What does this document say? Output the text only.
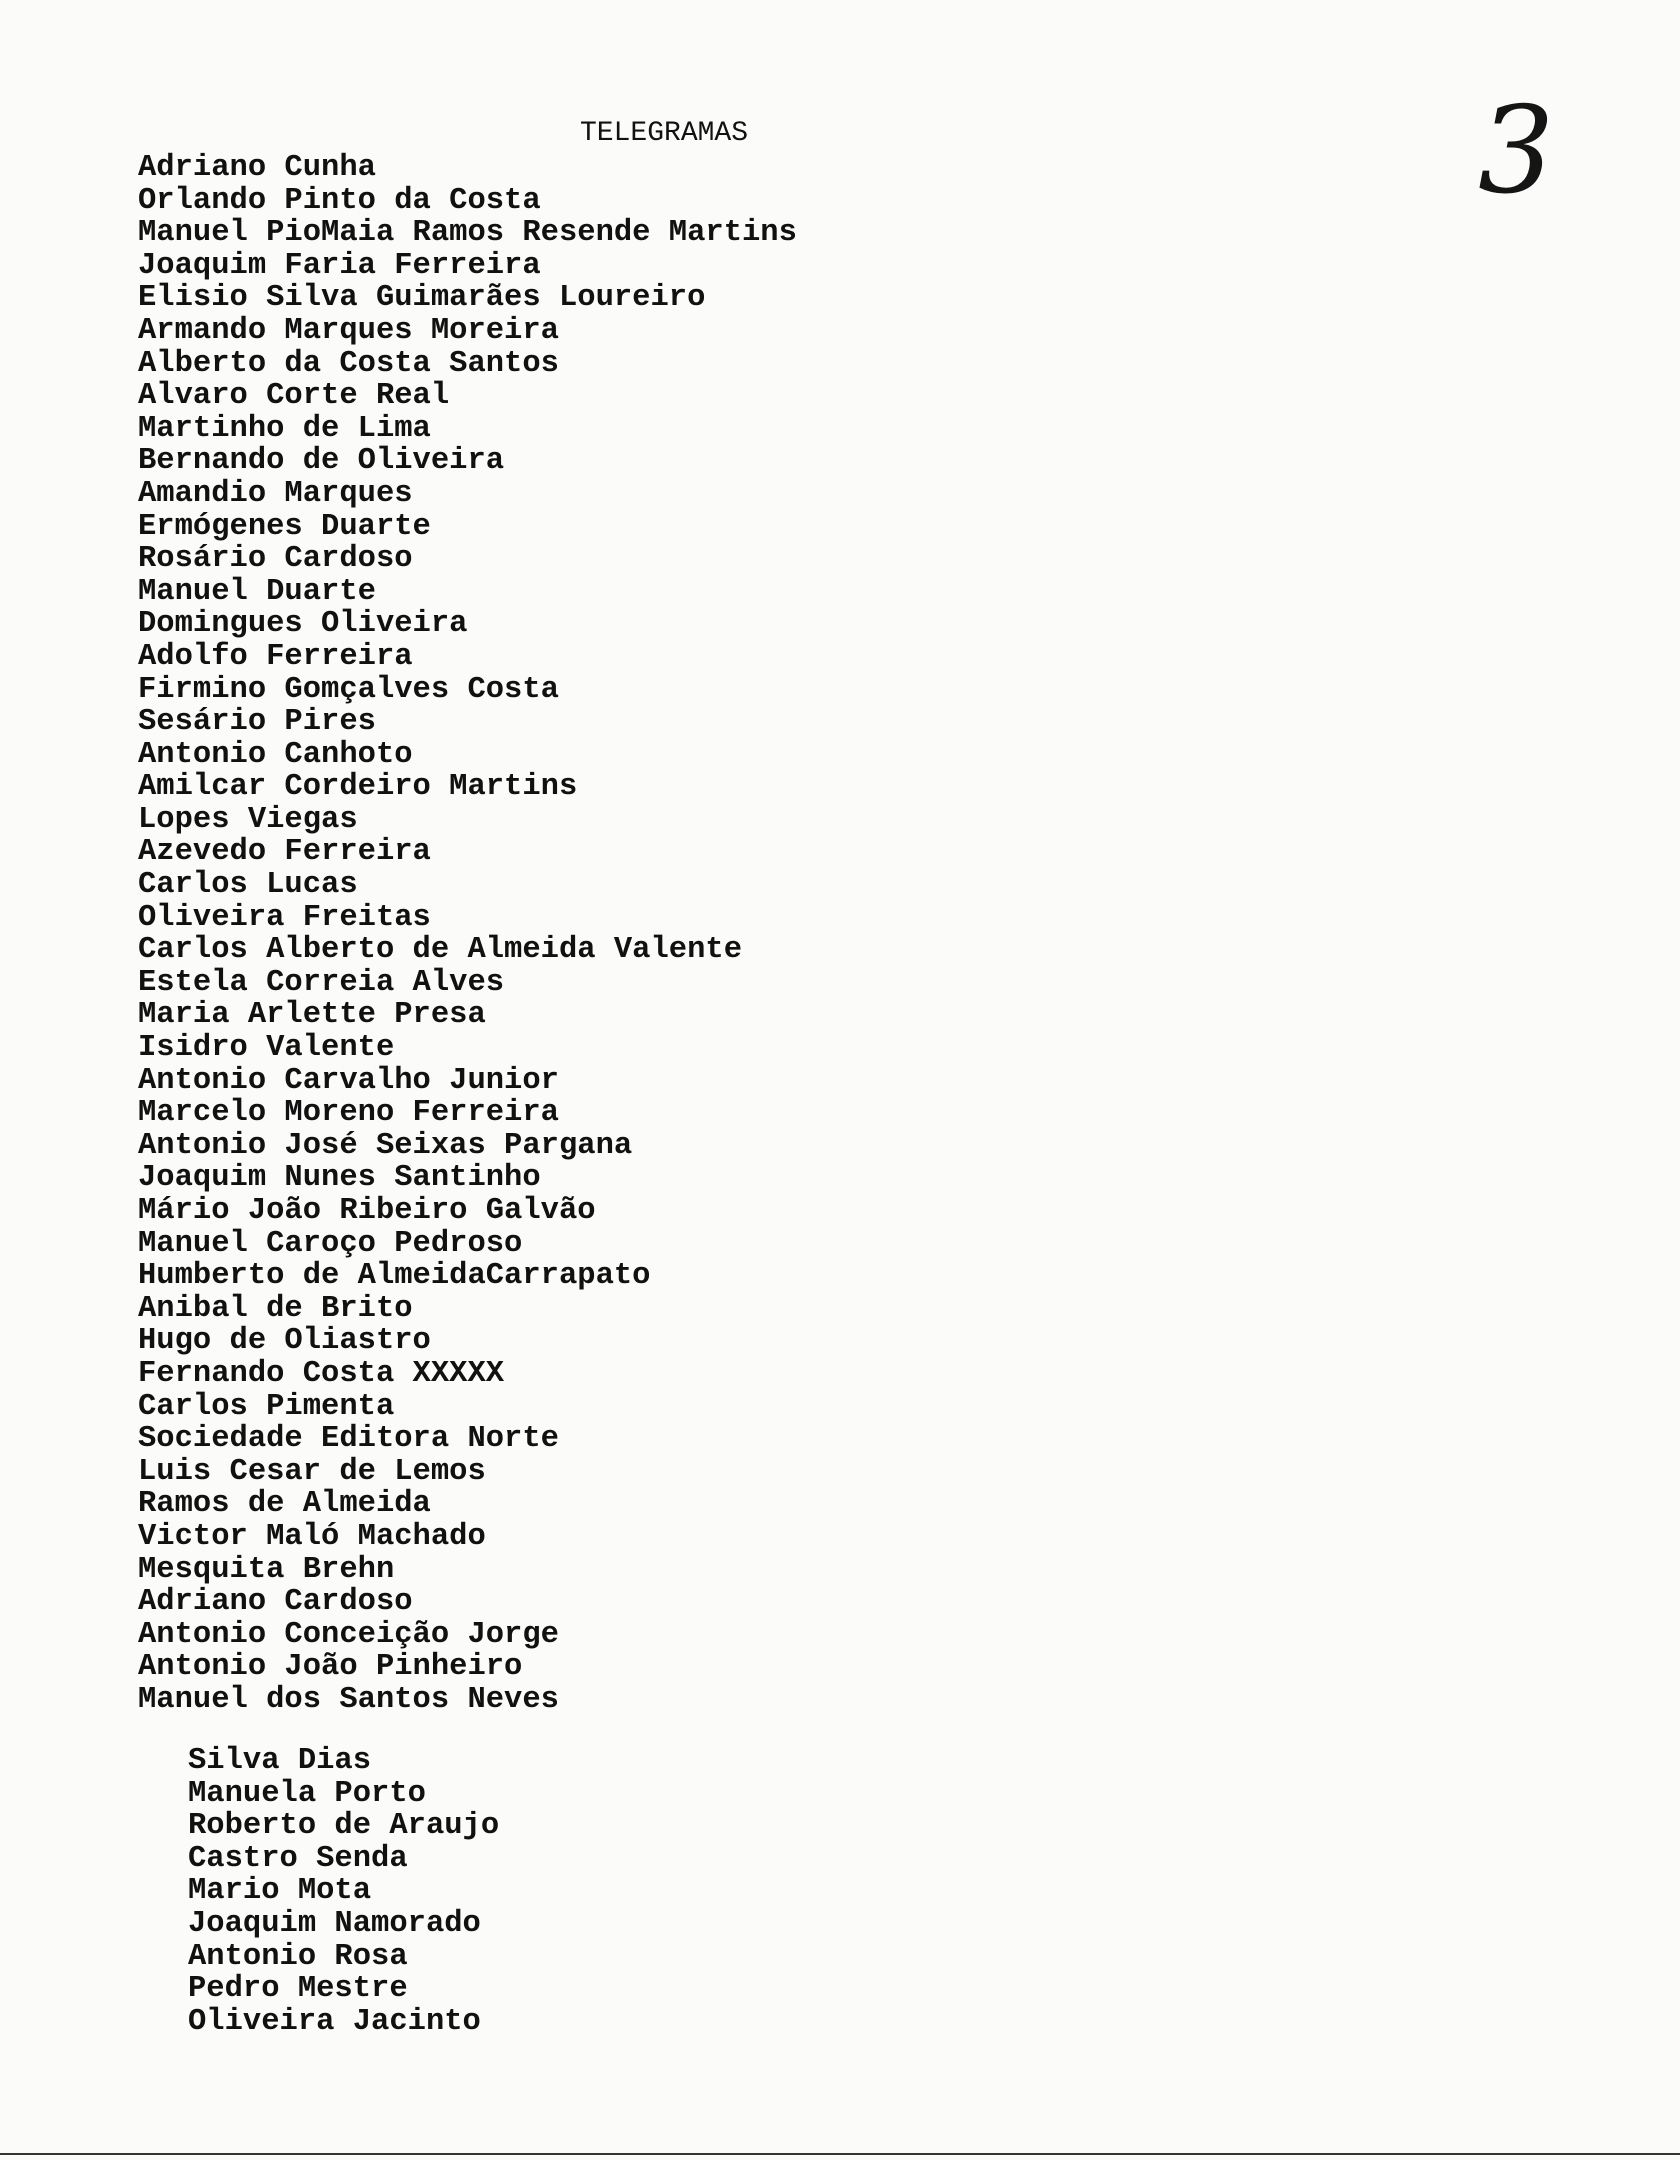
TELEGRAMAS	3
Adriano Cunha
Orlando Pinto da Costa
Manuel PioMaia Ramos Resende Martins
Joaquim Faria Ferreira
Elisio Silva Guimarães Loureiro
Armando Marques Moreira
Alberto da Costa Santos
Alvaro Corte Real
Martinho de Lima
Bernando de Oliveira
Amandio Marques
Ermógenes Duarte
Rosário Cardoso
Manuel Duarte
Domingues Oliveira
Adolfo Ferreira
Firmino Gomçalves Costa
Sesário Pires
Antonio Canhoto
Amilcar Cordeiro Martins
Lopes Viegas
Azevedo Ferreira
Carlos Lucas
Oliveira Freitas
Carlos Alberto de Almeida Valente
Estela Correia Alves
Maria Arlette Presa
Isidro Valente
Antonio Carvalho Junior
Marcelo Moreno Ferreira
Antonio José Seixas Pargana
Joaquim Nunes Santinho
Mário João Ribeiro Galvão
Manuel Caroço Pedroso
Humberto de AlmeidaCarrapato
Anibal de Brito
Hugo de Oliastro
Fernando Costa XXXXX
Carlos Pimenta
Sociedade Editora Norte
Luis Cesar de Lemos
Ramos de Almeida
Victor Maló Machado
Mesquita Brehn
Adriano Cardoso
Antonio Conceição Jorge
Antonio João Pinheiro
Manuel dos Santos Neves
Silva Dias
Manuela Porto
Roberto de Araujo
Castro Senda
Mario Mota
Joaquim Namorado
Antonio Rosa
Pedro Mestre
Oliveira Jacinto
